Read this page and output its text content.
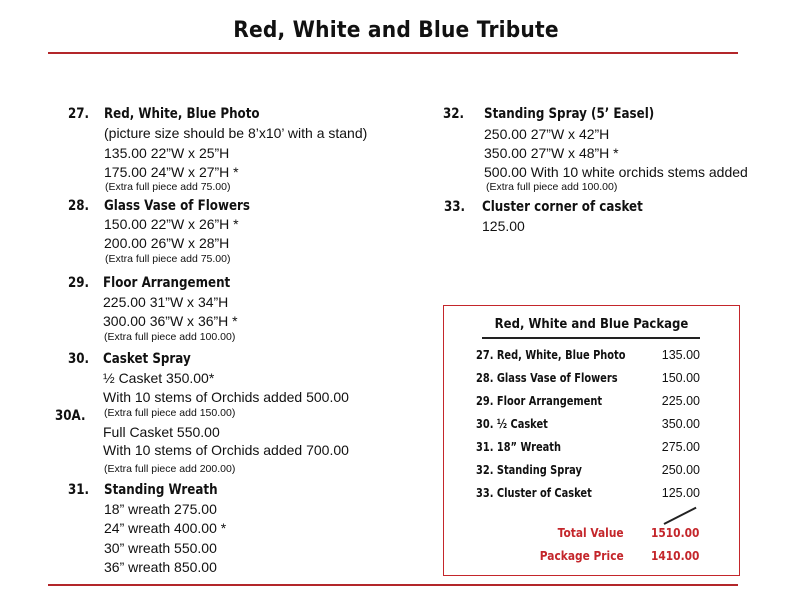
Red, White and Blue Tribute
27. Red, White, Blue Photo
(picture size should be 8’x10’ with a stand)
135.00 22”W x 25”H
175.00 24”W x 27”H *
(Extra full piece add 75.00)
28. Glass Vase of Flowers
150.00 22”W x 26”H *
200.00 26”W x 28”H
(Extra full piece add 75.00)
29. Floor Arrangement
225.00 31”W x 34”H
300.00 36”W x 36”H *
(Extra full piece add 100.00)
30. Casket Spray
½ Casket 350.00*
With 10 stems of Orchids added 500.00
(Extra full piece add 150.00)
30A.
Full Casket 550.00
With 10 stems of Orchids added 700.00
(Extra full piece add 200.00)
31. Standing Wreath
18” wreath 275.00
24” wreath 400.00 *
30” wreath 550.00
36” wreath 850.00
32. Standing Spray (5’ Easel)
250.00 27”W x 42”H
350.00 27”W x 48”H *
500.00 With 10 white orchids stems added
(Extra full piece add 100.00)
33. Cluster corner of casket
125.00
Red, White and Blue Package
27. Red, White, Blue Photo	135.00
28. Glass Vase of Flowers	150.00
29. Floor Arrangement	225.00
30. ½ Casket	350.00
31. 18” Wreath	275.00
32. Standing Spray	250.00
33. Cluster of Casket	125.00
Total Value 1510.00
Package Price 1410.00
